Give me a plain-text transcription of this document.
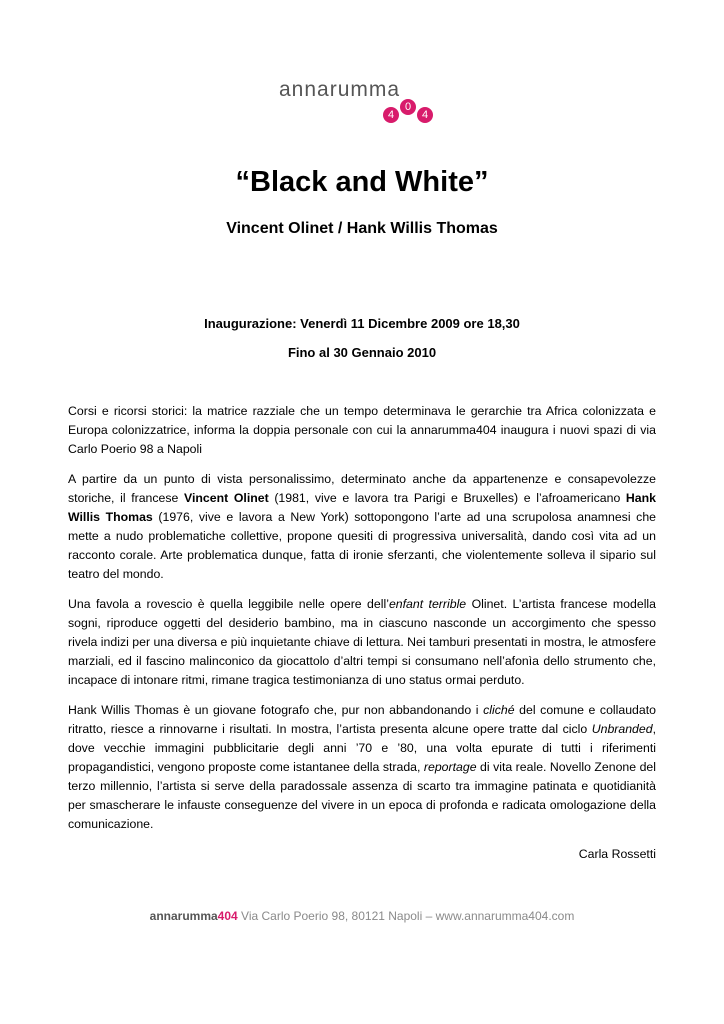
annarumma
4
0
4
“Black and White”
Vincent Olinet / Hank Willis Thomas
Inaugurazione: Venerdì 11 Dicembre 2009 ore 18,30
Fino al 30 Gennaio 2010

Corsi e ricorsi storici: la matrice razziale che un tempo determinava le gerarchie tra Africa colonizzata e Europa colonizzatrice, informa la doppia personale con cui la annarumma404 inaugura i nuovi spazi di via Carlo Poerio 98 a Napoli

A partire da un punto di vista personalissimo, determinato anche da appartenenze e consapevolezze storiche, il francese Vincent Olinet (1981, vive e lavora tra Parigi e Bruxelles) e l’afroamericano Hank Willis Thomas (1976, vive e lavora a New York) sottopongono l’arte ad una scrupolosa anamnesi che mette a nudo problematiche collettive, propone quesiti di progressiva universalità, dando così vita ad un racconto corale. Arte problematica dunque, fatta di ironie sferzanti, che violentemente solleva il sipario sul teatro del mondo.

Una favola a rovescio è quella leggibile nelle opere dell’enfant terrible Olinet. L’artista francese modella sogni, riproduce oggetti del desiderio bambino, ma in ciascuno nasconde un accorgimento che spesso rivela indizi per una diversa e più inquietante chiave di lettura. Nei tamburi presentati in mostra, le atmosfere marziali, ed il fascino malinconico da giocattolo d’altri tempi si consumano nell’afonìa dello strumento che, incapace di intonare ritmi, rimane tragica testimonianza di uno status ormai perduto.

Hank Willis Thomas è un giovane fotografo che, pur non abbandonando i cliché del comune e collaudato ritratto, riesce a rinnovarne i risultati. In mostra, l’artista presenta alcune opere tratte dal ciclo Unbranded, dove vecchie immagini pubblicitarie degli anni ’70 e ’80, una volta epurate di tutti i riferimenti propagandistici, vengono proposte come istantanee della strada, reportage di vita reale. Novello Zenone del terzo millennio, l’artista si serve della paradossale assenza di scarto tra immagine patinata e quotidianità per smascherare le infauste conseguenze del vivere in un epoca di profonda e radicata omologazione della comunicazione.

Carla Rossetti

annarumma404 Via Carlo Poerio 98, 80121 Napoli – www.annarumma404.com
